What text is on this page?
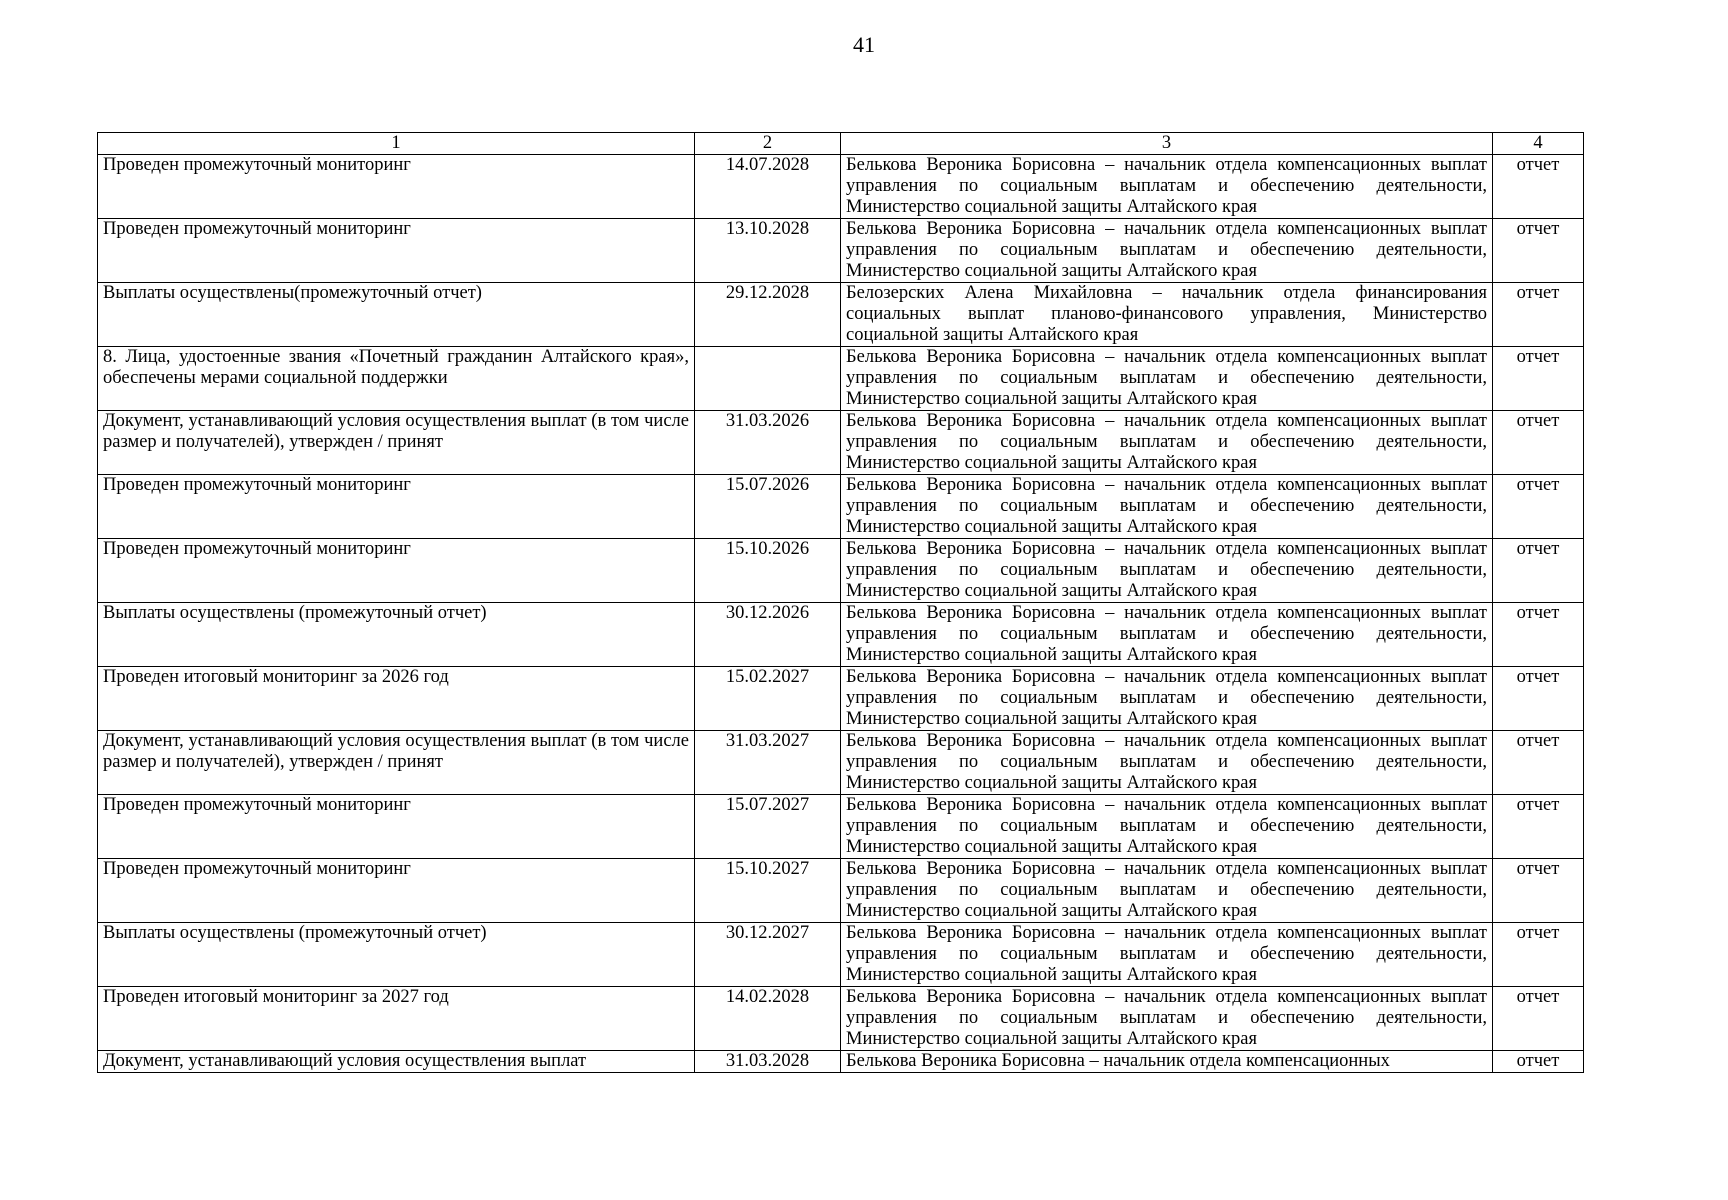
41
1	2	3	4
Проведен промежуточный мониторинг	14.07.2028	Белькова Вероника Борисовна – начальник отдела компенсационных выплат управления по социальным выплатам и обеспечению деятельности, Министерство социальной защиты Алтайского края	отчет
Проведен промежуточный мониторинг	13.10.2028	Белькова Вероника Борисовна – начальник отдела компенсационных выплат управления по социальным выплатам и обеспечению деятельности, Министерство социальной защиты Алтайского края	отчет
Выплаты осуществлены(промежуточный отчет)	29.12.2028	Белозерских Алена Михайловна – начальник отдела финансирования социальных выплат планово-финансового управления, Министерство социальной защиты Алтайского края	отчет
8. Лица, удостоенные звания «Почетный гражданин Алтайского края», обеспечены мерами социальной поддержки		Белькова Вероника Борисовна – начальник отдела компенсационных выплат управления по социальным выплатам и обеспечению деятельности, Министерство социальной защиты Алтайского края	отчет
Документ, устанавливающий условия осуществления выплат (в том числе размер и получателей), утвержден / принят	31.03.2026	Белькова Вероника Борисовна – начальник отдела компенсационных выплат управления по социальным выплатам и обеспечению деятельности, Министерство социальной защиты Алтайского края	отчет
Проведен промежуточный мониторинг	15.07.2026	Белькова Вероника Борисовна – начальник отдела компенсационных выплат управления по социальным выплатам и обеспечению деятельности, Министерство социальной защиты Алтайского края	отчет
Проведен промежуточный мониторинг	15.10.2026	Белькова Вероника Борисовна – начальник отдела компенсационных выплат управления по социальным выплатам и обеспечению деятельности, Министерство социальной защиты Алтайского края	отчет
Выплаты осуществлены (промежуточный отчет)	30.12.2026	Белькова Вероника Борисовна – начальник отдела компенсационных выплат управления по социальным выплатам и обеспечению деятельности, Министерство социальной защиты Алтайского края	отчет
Проведен итоговый мониторинг за 2026 год	15.02.2027	Белькова Вероника Борисовна – начальник отдела компенсационных выплат управления по социальным выплатам и обеспечению деятельности, Министерство социальной защиты Алтайского края	отчет
Документ, устанавливающий условия осуществления выплат (в том числе размер и получателей), утвержден / принят	31.03.2027	Белькова Вероника Борисовна – начальник отдела компенсационных выплат управления по социальным выплатам и обеспечению деятельности, Министерство социальной защиты Алтайского края	отчет
Проведен промежуточный мониторинг	15.07.2027	Белькова Вероника Борисовна – начальник отдела компенсационных выплат управления по социальным выплатам и обеспечению деятельности, Министерство социальной защиты Алтайского края	отчет
Проведен промежуточный мониторинг	15.10.2027	Белькова Вероника Борисовна – начальник отдела компенсационных выплат управления по социальным выплатам и обеспечению деятельности, Министерство социальной защиты Алтайского края	отчет
Выплаты осуществлены (промежуточный отчет)	30.12.2027	Белькова Вероника Борисовна – начальник отдела компенсационных выплат управления по социальным выплатам и обеспечению деятельности, Министерство социальной защиты Алтайского края	отчет
Проведен итоговый мониторинг за 2027 год	14.02.2028	Белькова Вероника Борисовна – начальник отдела компенсационных выплат управления по социальным выплатам и обеспечению деятельности, Министерство социальной защиты Алтайского края	отчет
Документ, устанавливающий условия осуществления выплат	31.03.2028	Белькова Вероника Борисовна – начальник отдела компенсационных	отчет
